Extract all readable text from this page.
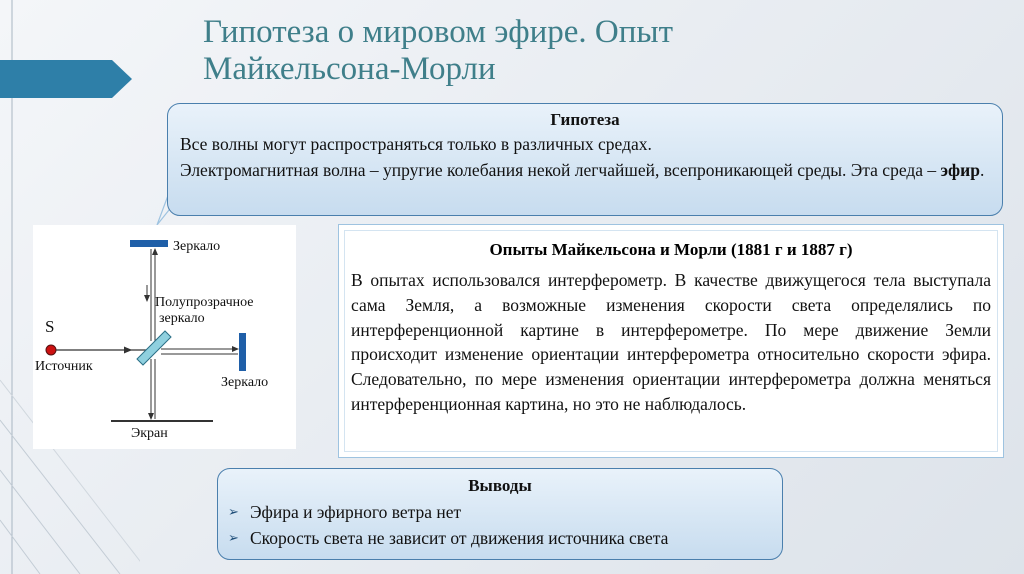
Гипотеза о мировом эфире. Опыт
Майкельсона-Морли
Гипотеза

Все волны могут распространяться только в различных средах.

Электромагнитная волна – упругие колебания некой легчайшей, всепроникающей среды. Эта среда – эфир.

Зеркало
Полупрозрачное
зеркало
S
Источник
Зеркало
Экран
Опыты Майкельсона и Морли (1881 г и 1887 г)

В опытах использовался интерферометр. В качестве движущегося тела выступала сама Земля, а возможные изменения скорости света определялись по интерференционной картине в интерферометре. По мере движение Земли происходит изменение ориентации интерферометра относительно скорости эфира. Следовательно, по мере изменения ориентации интерферометра должна меняться интерференционная картина, но это не наблюдалось.

Выводы
➢ Эфира и эфирного ветра нет
➢ Скорость света не зависит от движения источника света
